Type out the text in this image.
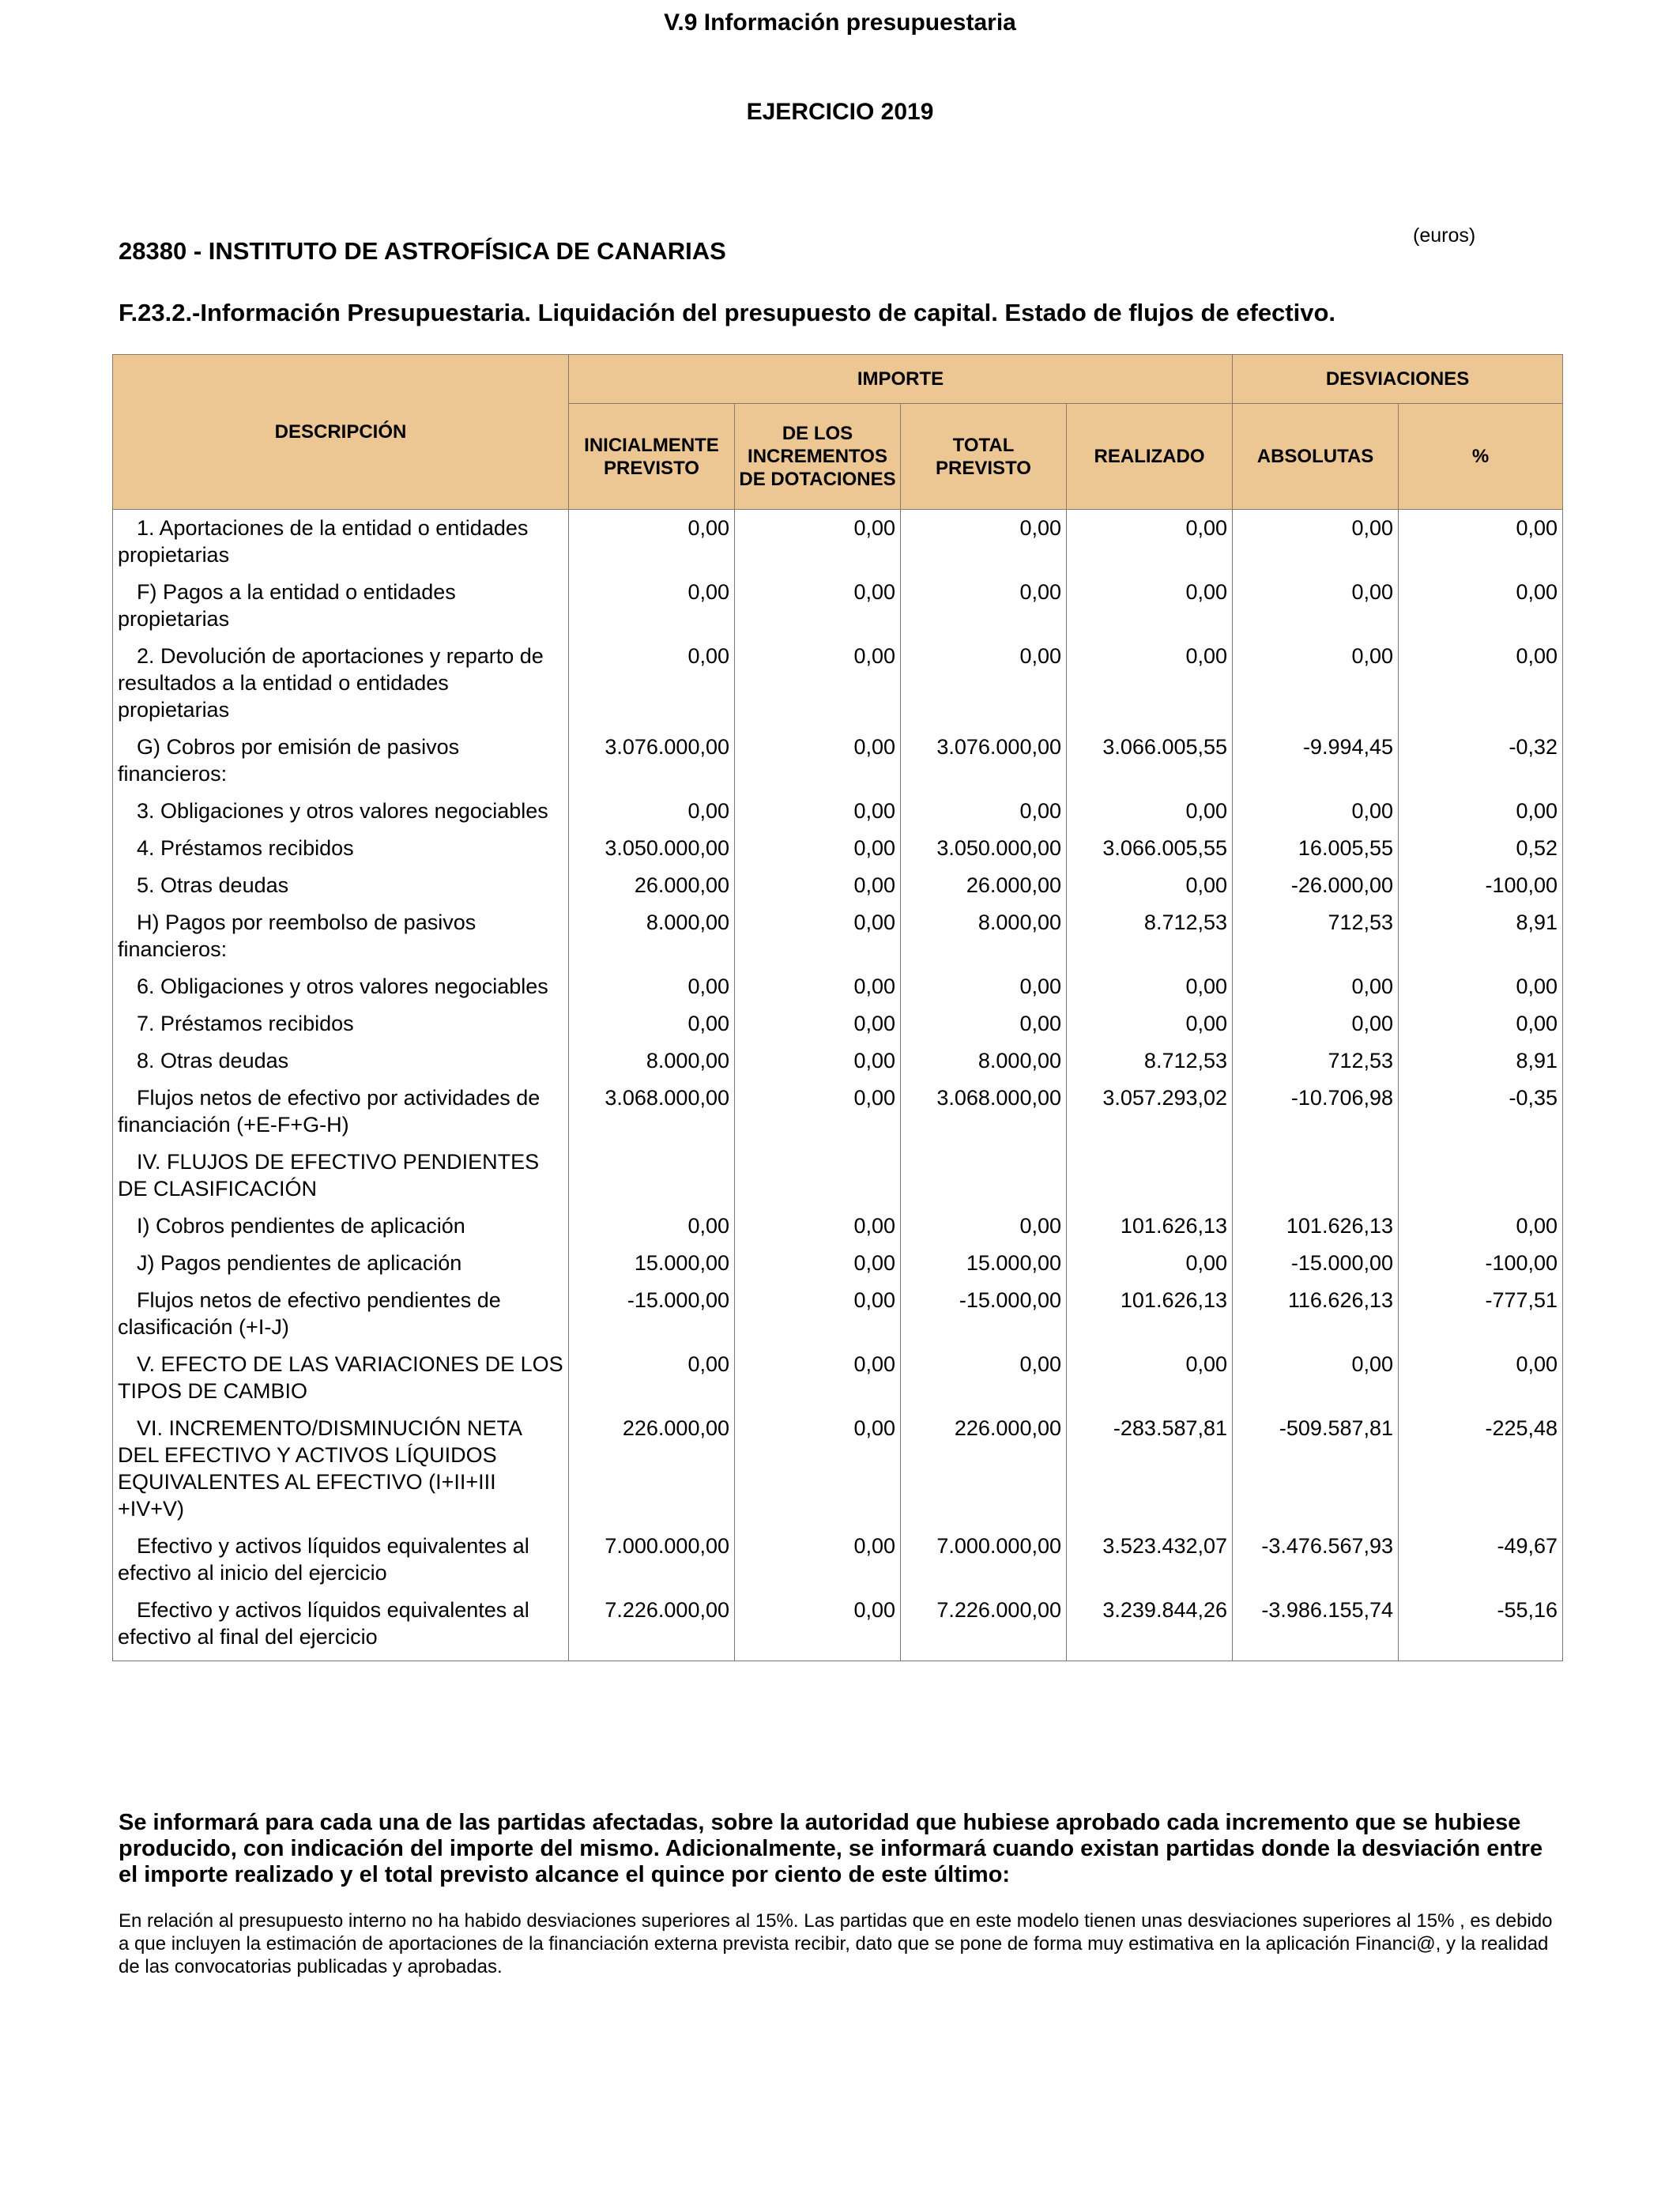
V.9 Información presupuestaria
EJERCICIO 2019
(euros)
28380 - INSTITUTO DE ASTROFÍSICA DE CANARIAS
F.23.2.-Información Presupuestaria. Liquidación del presupuesto de capital. Estado de flujos de efectivo.
DESCRIPCIÓN	IMPORTE				DESVIACIONES	
	INICIALMENTE PREVISTO	DE LOS INCREMENTOS DE DOTACIONES	TOTAL PREVISTO	REALIZADO	ABSOLUTAS	%

1. Aportaciones de la entidad o entidades propietarias	0,00	0,00	0,00	0,00	0,00	0,00

F) Pagos a la entidad o entidades propietarias	0,00	0,00	0,00	0,00	0,00	0,00

2. Devolución de aportaciones y reparto de resultados a la entidad o entidades propietarias	0,00	0,00	0,00	0,00	0,00	0,00

G) Cobros por emisión de pasivos financieros:	3.076.000,00	0,00	3.076.000,00	3.066.005,55	-9.994,45	-0,32

3. Obligaciones y otros valores negociables	0,00	0,00	0,00	0,00	0,00	0,00

4. Préstamos recibidos	3.050.000,00	0,00	3.050.000,00	3.066.005,55	16.005,55	0,52

5. Otras deudas	26.000,00	0,00	26.000,00	0,00	-26.000,00	-100,00

H) Pagos por reembolso de pasivos financieros:	8.000,00	0,00	8.000,00	8.712,53	712,53	8,91

6. Obligaciones y otros valores negociables	0,00	0,00	0,00	0,00	0,00	0,00

7. Préstamos recibidos	0,00	0,00	0,00	0,00	0,00	0,00

8. Otras deudas	8.000,00	0,00	8.000,00	8.712,53	712,53	8,91

Flujos netos de efectivo por actividades de financiación (+E-F+G-H)	3.068.000,00	0,00	3.068.000,00	3.057.293,02	-10.706,98	-0,35

IV. FLUJOS DE EFECTIVO PENDIENTES DE CLASIFICACIÓN						

I) Cobros pendientes de aplicación	0,00	0,00	0,00	101.626,13	101.626,13	0,00

J) Pagos pendientes de aplicación	15.000,00	0,00	15.000,00	0,00	-15.000,00	-100,00

Flujos netos de efectivo pendientes de clasificación (+I-J)	-15.000,00	0,00	-15.000,00	101.626,13	116.626,13	-777,51

V. EFECTO DE LAS VARIACIONES DE LOS TIPOS DE CAMBIO	0,00	0,00	0,00	0,00	0,00	0,00

VI. INCREMENTO/DISMINUCIÓN NETA DEL EFECTIVO Y ACTIVOS LÍQUIDOS EQUIVALENTES AL EFECTIVO (I+II+III +IV+V)	226.000,00	0,00	226.000,00	-283.587,81	-509.587,81	-225,48

Efectivo y activos líquidos equivalentes al efectivo al inicio del ejercicio	7.000.000,00	0,00	7.000.000,00	3.523.432,07	-3.476.567,93	-49,67

Efectivo y activos líquidos equivalentes al efectivo al final del ejercicio	7.226.000,00	0,00	7.226.000,00	3.239.844,26	-3.986.155,74	-55,16
Se informará para cada una de las partidas afectadas, sobre la autoridad que hubiese aprobado cada incremento que se hubiese producido, con indicación del importe del mismo. Adicionalmente, se informará cuando existan partidas donde la desviación entre el importe realizado y el total previsto alcance el quince por ciento de este último:
En relación al presupuesto interno no ha habido desviaciones superiores al 15%. Las partidas que en este modelo tienen unas desviaciones superiores al 15% , es debido a que incluyen la estimación de aportaciones de la financiación externa prevista recibir, dato que se pone de forma muy estimativa en la aplicación Financi@, y la realidad de las convocatorias publicadas y aprobadas.
